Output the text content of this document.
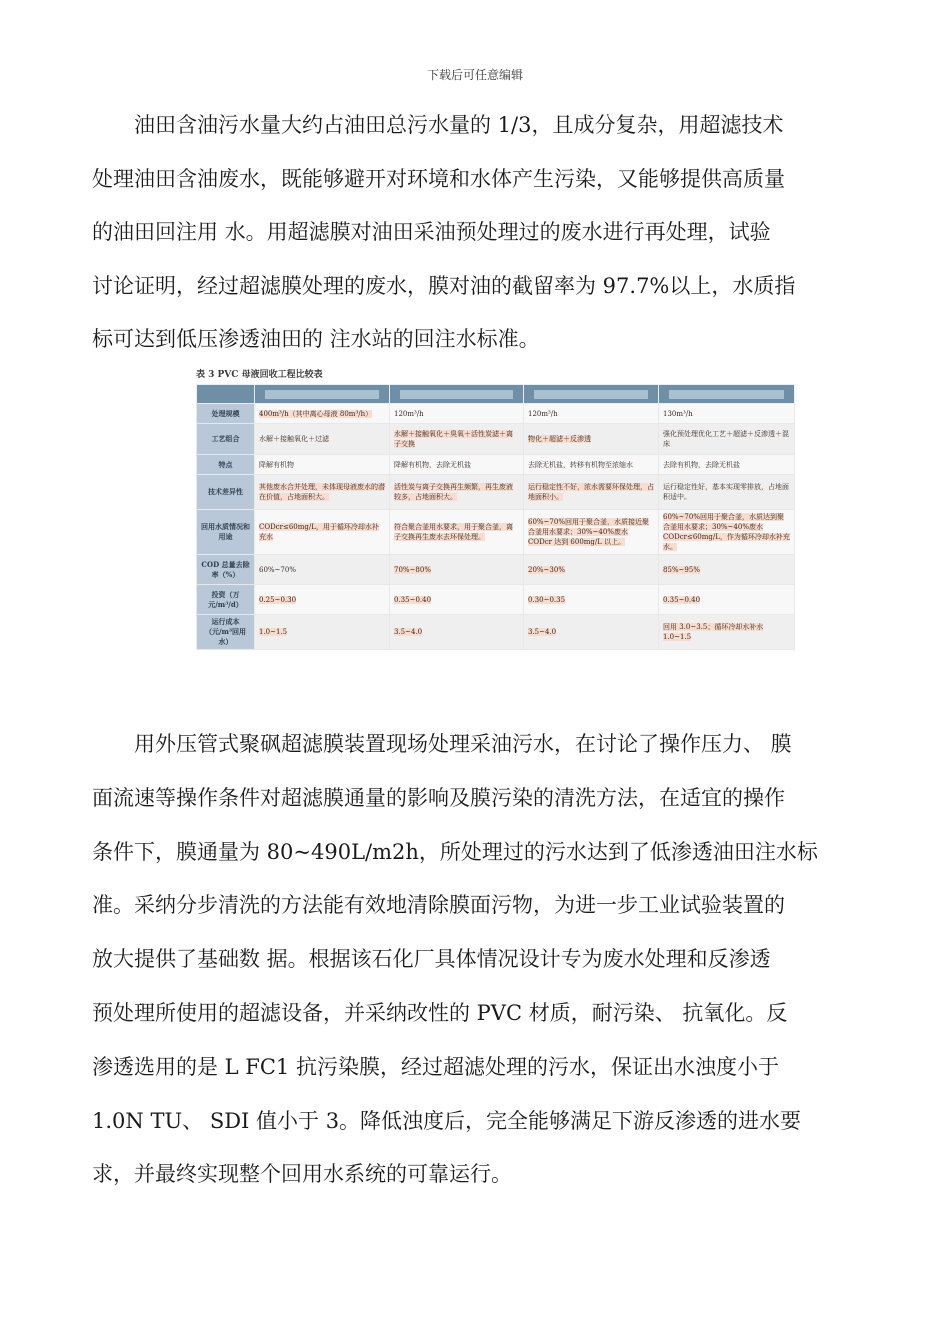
下载后可任意编辑
油田含油污水量大约占油田总污水量的 1/3，且成分复杂，用超滤技术
处理油田含油废水，既能够避开对环境和水体产生污染，又能够提供高质量
的油田回注用 水。用超滤膜对油田采油预处理过的废水进行再处理，试验
讨论证明，经过超滤膜处理的废水，膜对油的截留率为 97.7%以上，水质指
标可达到低压渗透油田的 注水站的回注水标准。
表 3 PVC 母液回收工程比较表

处理规模	400m³/h（其中离心母液 80m³/h）	120m³/h	120m³/h	130m³/h
工艺组合	水解＋接触氧化＋过滤	水解＋接触氧化＋臭氧＋活性炭滤＋离子交换	物化＋超滤＋反渗透	强化预处理优化工艺＋超滤＋反渗透＋混床
特点	降解有机物	降解有机物，去除无机盐	去除无机盐，转移有机物至浓缩水	去除有机物，去除无机盐
技术差异性	其他废水合并处理，未体现母液废水的潜在价值，占地面积大。	活性炭与离子交换再生频繁，再生废液较多，占地面积大。	运行稳定性不好，浓水需要环保处理，占地面积小。	运行稳定性好，基本实现零排放，占地面积适中。
回用水质情况和用途	CODcr≤60mg/L，用于循环冷却水补充水	符合聚合釜用水要求，用于聚合釜，离子交换再生废水去环保处理。	60%~70%回用于聚合釜，水质接近聚合釜用水要求；30%~40%废水 CODcr 达到 600mg/L 以上。	60%~70%回用于聚合釜，水质达到聚合釜用水要求；30%~40%废水 CODcr≤60mg/L，作为循环冷却水补充水。
COD 总量去除率（%）	60%~70%	70%~80%	20%~30%	85%~95%
投资（万元/m³/d）	0.25~0.30	0.35~0.40	0.30~0.35	0.35~0.40
运行成本（元/m³回用水）	1.0~1.5	3.5~4.0	3.5~4.0	回用 3.0~3.5；循环冷却水补水 1.0~1.5
用外压管式聚砜超滤膜装置现场处理采油污水，在讨论了操作压力、 膜
面流速等操作条件对超滤膜通量的影响及膜污染的清洗方法，在适宜的操作
条件下，膜通量为 80~490L/m2h，所处理过的污水达到了低渗透油田注水标
准。采纳分步清洗的方法能有效地清除膜面污物，为进一步工业试验装置的
放大提供了基础数 据。根据该石化厂具体情况设计专为废水处理和反渗透
预处理所使用的超滤设备，并采纳改性的 PVC 材质，耐污染、 抗氧化。反
渗透选用的是 L FC1 抗污染膜，经过超滤处理的污水，保证出水浊度小于
1.0N TU、 SDI 值小于 3。降低浊度后，完全能够满足下游反渗透的进水要
求，并最终实现整个回用水系统的可靠运行。
